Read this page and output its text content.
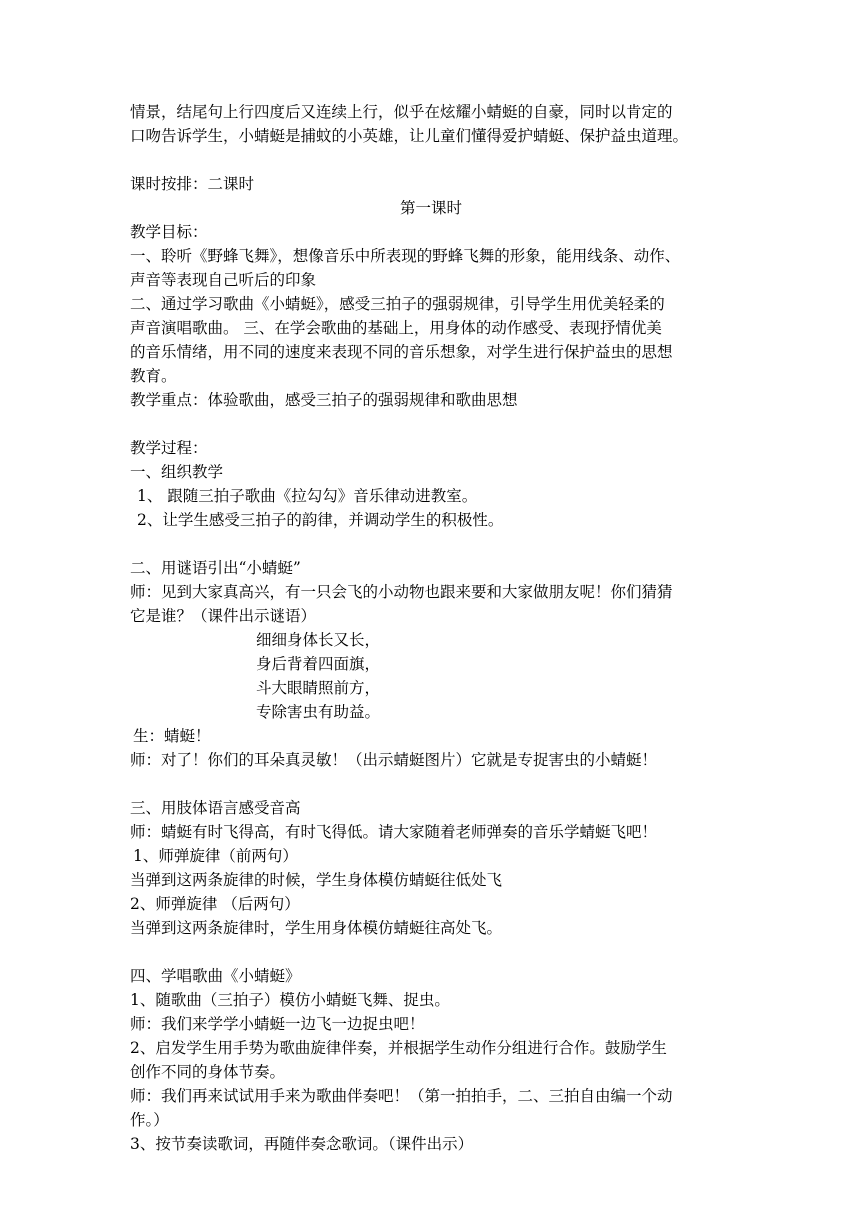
情景，结尾句上行四度后又连续上行，似乎在炫耀小蜻蜓的自豪，同时以肯定的
口吻告诉学生，小蜻蜓是捕蚊的小英雄，让儿童们懂得爱护蜻蜓、保护益虫道理。
课时按排：二课时
第一课时
教学目标：
一、聆听《野蜂飞舞》，想像音乐中所表现的野蜂飞舞的形象，能用线条、动作、
声音等表现自己听后的印象
二、通过学习歌曲《小蜻蜓》，感受三拍子的强弱规律，引导学生用优美轻柔的
声音演唱歌曲。 三、在学会歌曲的基础上，用身体的动作感受、表现抒情优美
的音乐情绪，用不同的速度来表现不同的音乐想象，对学生进行保护益虫的思想
教育。
教学重点：体验歌曲，感受三拍子的强弱规律和歌曲思想
教学过程：
一、组织教学
1、 跟随三拍子歌曲《拉勾勾》音乐律动进教室。
2、让学生感受三拍子的韵律，并调动学生的积极性。
二、用谜语引出“小蜻蜓”
师：见到大家真高兴，有一只会飞的小动物也跟来要和大家做朋友呢！你们猜猜
它是谁？（课件出示谜语）
细细身体长又长，
身后背着四面旗，
斗大眼睛照前方，
专除害虫有助益。
生：蜻蜓！
师：对了！你们的耳朵真灵敏！（出示蜻蜓图片）它就是专捉害虫的小蜻蜓！
三、用肢体语言感受音高
师：蜻蜓有时飞得高，有时飞得低。请大家随着老师弹奏的音乐学蜻蜓飞吧！
1、师弹旋律（前两句）
当弹到这两条旋律的时候，学生身体模仿蜻蜓往低处飞
2、师弹旋律 （后两句）
当弹到这两条旋律时，学生用身体模仿蜻蜓往高处飞。
四、学唱歌曲《小蜻蜓》
1、随歌曲（三拍子）模仿小蜻蜓飞舞、捉虫。
师：我们来学学小蜻蜓一边飞一边捉虫吧！
2、启发学生用手势为歌曲旋律伴奏，并根据学生动作分组进行合作。鼓励学生
创作不同的身体节奏。
师：我们再来试试用手来为歌曲伴奏吧！（第一拍拍手，二、三拍自由编一个动
作。）
3、按节奏读歌词，再随伴奏念歌词。（课件出示）
